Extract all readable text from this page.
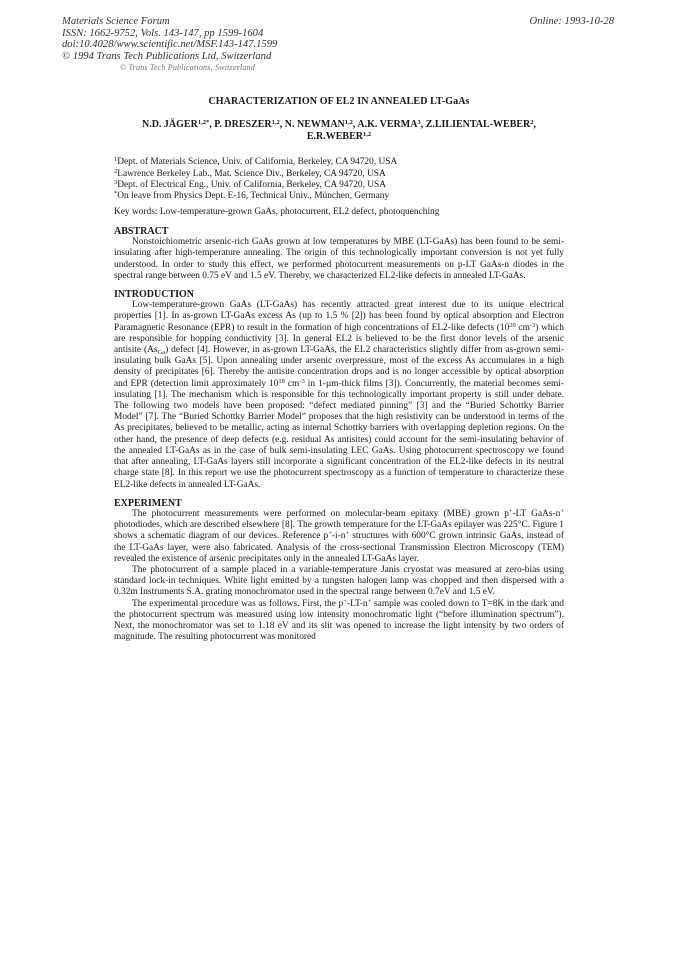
Materials Science Forum
ISSN: 1662-9752, Vols. 143-147, pp 1599-1604
doi:10.4028/www.scientific.net/MSF.143-147.1599
© 1994 Trans Tech Publications Ltd, Switzerland
Online: 1993-10-28
© Trans Tech Publications, Switzerland
CHARACTERIZATION OF EL2 IN ANNEALED LT-GaAs
N.D. $JÄGER^{1,2*}$, P. DRESZER$^{1,2}$, N. NEWMAN$^{1,2}$, A.K. VERMA$^3$, Z.LILIENTAL-WEBER$^2$, E.R.WEBER$^{1,2}$
$^1$Dept. of Materials Science, Univ. of California, Berkeley, CA 94720, USA
$^2$Lawrence Berkeley Lab., Mat. Science Div., Berkeley, CA 94720, USA
$^3$Dept. of Electrical Eng., Univ. of California, Berkeley, CA 94720, USA
*On leave from Physics Dept. E-16, Technical Univ., München, Germany
Key words: Low-temperature-grown GaAs, photocurrent, EL2 defect, photoquenching
ABSTRACT

Nonstoichiometric arsenic-rich GaAs grown at low temperatures by MBE (LT-GaAs) has been found to be semi-insulating after high-temperature annealing. The origin of this technologically important conversion is not yet fully understood. In order to study this effect, we performed photocurrent measurements on p-LT GaAs-n diodes in the spectral range between 0.75 eV and 1.5 eV. Thereby, we characterized EL2-like defects in annealed LT-GaAs.

INTRODUCTION

Low-temperature-grown GaAs (LT-GaAs) has recently attracted great interest due to its unique electrical properties [1]. In as-grown LT-GaAs excess As (up to 1.5 % [2]) has been found by optical absorption and Electron Paramagnetic Resonance (EPR) to result in the formation of high concentrations of EL2-like defects ($10^{20}$ $cm^{-3}$) which are responsible for hopping conductivity [3]. In general EL2 is believed to be the first donor levels of the arsenic antisite $(As_{Ga})$ defect [4]. However, in as-grown LT-GaAs, the EL2 characteristics slightly differ from as-grown semi-insulating bulk GaAs [5]. Upon annealing under arsenic overpressure, most of the excess As accumulates in a high density of precipitates [6]. Thereby the antisite concentration drops and is no longer accessible by optical absorption and EPR (detection limit approximately $10^{18}$ $cm^{-3}$ in 1-µm-thick films [3]). Concurrently, the material becomes semi-insulating [1]. The mechanism which is responsible for this technologically important property is still under debate. The following two models have been proposed: “defect mediated pinning” [3] and the “Buried Schottky Barrier Model” [7]. The “Buried Schottky Barrier Model” proposes that the high resistivity can be understood in terms of the As precipitates, believed to be metallic, acting as internal Schottky barriers with overlapping depletion regions. On the other hand, the presence of deep defects (e.g. residual As antisites) could account for the semi-insulating behavior of the annealed LT-GaAs as in the case of bulk semi-insulating LEC GaAs. Using photocurrent spectroscopy we found that after annealing, LT-GaAs layers still incorporate a significant concentration of the EL2-like defects in its neutral charge state [8]. In this report we use the photocurrent spectroscopy as a function of temperature to characterize these EL2-like defects in annealed LT-GaAs.

EXPERIMENT

The photocurrent measurements were performed on molecular-beam epitaxy (MBE) grown p+-LT GaAs-n+ photodiodes, which are described elsewhere [8]. The growth temperature for the LT-GaAs epilayer was 225°C. Figure 1 shows a schematic diagram of our devices. Reference p+-i-n+ structures with 600°C grown intrinsic GaAs, instead of the LT-GaAs layer, were also fabricated. Analysis of the cross-sectional Transmission Electron Microscopy (TEM) revealed the existence of arsenic precipitates only in the annealed LT-GaAs layer.

The photocurrent of a sample placed in a variable-temperature Janis cryostat was measured at zero-bias using standard lock-in techniques. White light emitted by a tungsten halogen lamp was chopped and then dispersed with a 0.32m Instruments S.A. grating monochromator used in the spectral range between 0.7eV and 1.5 eV.

The experimental procedure was as follows. First, the p+-LT-n+ sample was cooled down to T=8K in the dark and the photocurrent spectrum was measured using low intensity monochromatic light (“before illumination spectrum”). Next, the monochromator was set to 1.18 eV and its slit was opened to increase the light intensity by two orders of magnitude. The resulting photocurrent was monitored
